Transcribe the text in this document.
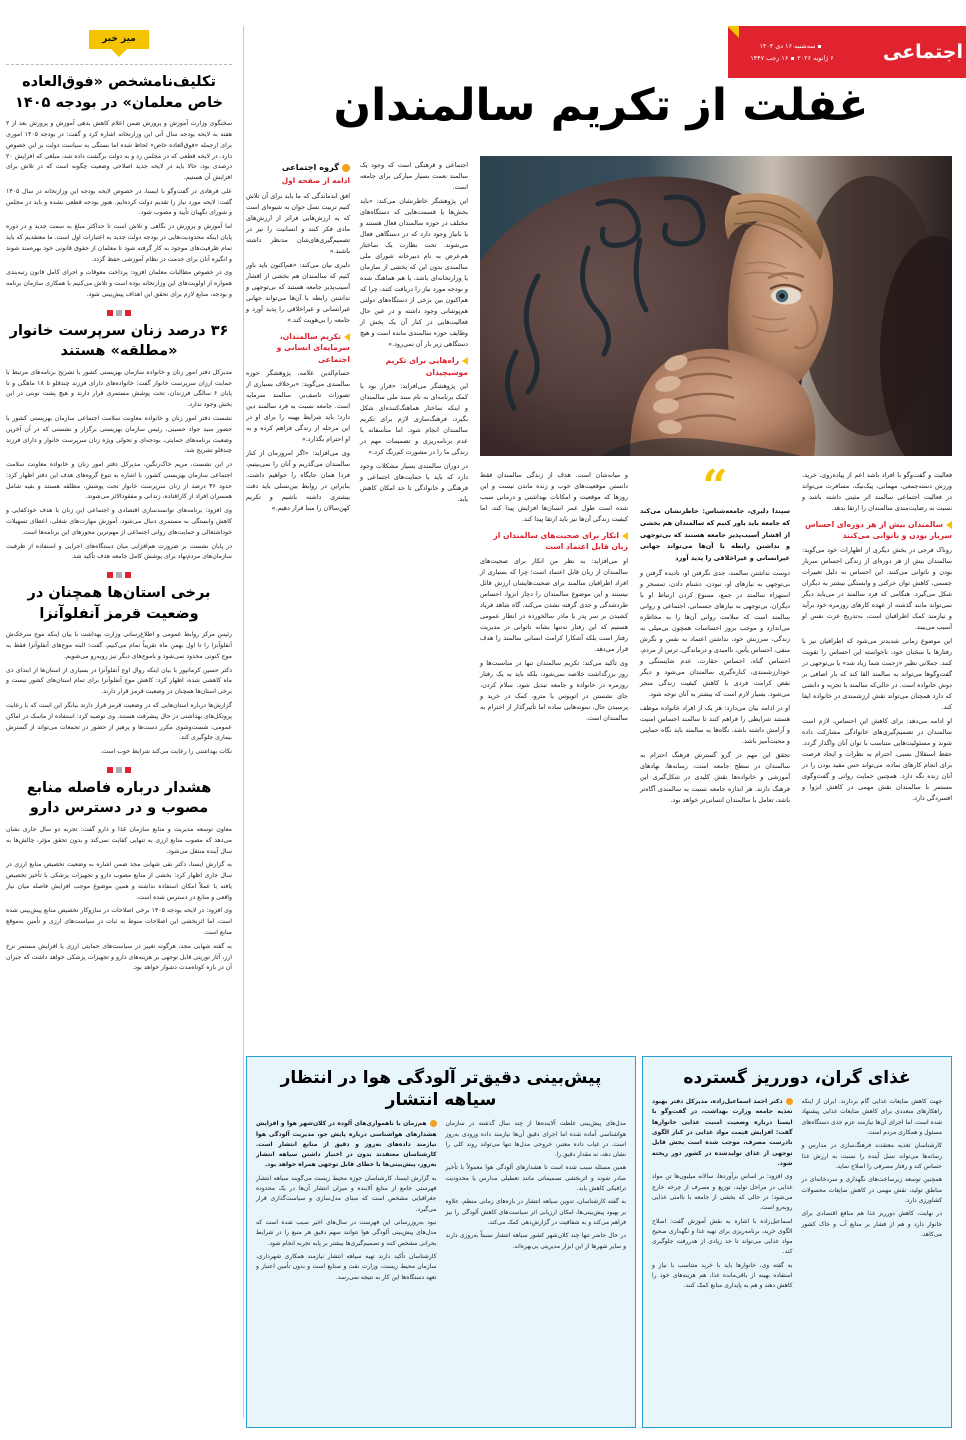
سه‌شنبه ۱۶ دی ۱۴۰۴
۶ ژانویه ۲۰۲۶۱۶ رجب ۱۴۴۷	اجتماعی
غفلت از تکریم سالمندان
گروه اجتماعی
ادامه از صفحه اول

افق ابدماندگی که ما باید برای آن تلاش کنیم تربیت نسل جوان به شیوه‌ای است که به ارزش‌هایی فراتر از ارزش‌های مادی فکر کنند و انسانیت را نیز در تصمیم‌گیری‌های‌شان مدنظر داشته باشند.»

دلبری بیان می‌کند: «هم‌اکنون باید باور کنیم که سالمندان هم بخشی از اقشار آسیب‌پذیر جامعه هستند که بی‌توجهی و نداشتن رابطه با آن‌ها می‌تواند جهانی غیرانسانی و غیراخلاقی را پدید آورد و جامعه را بی‌هویت کند.»

تکریم سالمندان، سرمایه‌ای انسانی و اجتماعی

حسام‌الدین علامه، پژوهشگر حوزه سالمندی می‌گوید: «برخلاف بسیاری از تصورات تاسف‌بر، سالمند سرمایه است. جامعه نسبت به فرد سالمند دین دارد؛ باید شرایط بهینه را برای او در این مرحله از زندگی فراهم کرده و به او احترام بگذارد.»

وی می‌افزاید: «اگر امروزمان از کنار سالمندان می‌گذریم و آنان را نمی‌بینیم، فردا همان جایگاه را خواهیم داشت. بنابراین در روابط بین‌نسلی باید دقت بیشتری داشته باشیم و تکریم کهن‌سالان را مبنا قرار دهیم.»

اجتماعی و فرهنگی است که وجود یک سالمند نعمت بسیار مبارکی برای جامعه است.

این پژوهشگر خاطرنشان می‌کند: «باید بخش‌ها یا قسمت‌هایی که دستگاه‌های مختلف در حوزه سالمندان فعال هستند و یا بانیاز وجود دارد که در دستگاهی فعال می‌شوند. تحت نظارت یک ساختار هم‌عرض به نام دبیرخانه شورای ملی سالمندی بدون این که بخشی از سازمان یا وزارتخانه‌ای باشد، با هم هماهنگ شده و بودجه مورد نیاز را دریافت کنند، چرا که هم‌اکنون بین برخی از دستگاه‌های دولتی هم‌پوشانی وجود داشته و در عین حال فعالیت‌هایی در کنار آن یک بخش از وظایف حوزه سالمندی مانده است و هیچ دستگاهی زیر بار آن نمی‌رود.»

راه‌هایی برای تکریم موسیچیدان

این پژوهشگر می‌افزاید: «قرار بود با کمک برنامه‌ای به نام سند ملی سالمندان و اینکه ساختار هماهنگ‌کننده‌ای شکل بگیرد، فرهنگ‌سازی لازم برای تکریم سالمندان انجام شود. اما متأسفانه با عدم برنامه‌ریزی و تصمیمات مهم در زندگی ما را در مشورت کم‌رنگ کرد.»

در دوران سالمندی بسیار مشکلات وجود دارد که باید با حمایت‌های اجتماعی و فرهنگی و خانوادگی تا حد امکان کاهش یابد.

و میانه‌شان است. هدف از زندگی سالمندان فقط دانستن موقعیت‌های خوب و زنده ماندن نیست و این روزها که موقعیت و امکانات بهداشتی و درمانی سبب شده است طول عمر انسان‌ها افزایش پیدا کند، اما کیفیت زندگی آن‌ها نیز باید ارتقا پیدا کند.

انکار برای صحبت‌های سالمندان از زبان قابل اعتماد است

او می‌افزاید: به نظر من انکار برای صحبت‌های سالمندان از زبان قابل اعتماد است؛ چرا که بسیاری از افراد اطرافیان سالمند برای صحبت‌هایشان ارزش قائل نیستند و این موضوع سالمندان را دچار انزوا، احساس طردشدگی و جدی گرفته نشدن می‌کند، گاه شاهد فریاد کشیدن بر سر پدر یا مادر سالخورده در انظار عمومی هستیم که این رفتار نه‌تنها نشانه ناتوانی در مدیریت رفتار است بلکه آشکارا کرامت انسانی سالمند را هدف قرار می‌دهد.

وی تأکید می‌کند: تکریم سالمندان تنها در مناسبت‌ها و روز بزرگداشت خلاصه نمی‌شود، بلکه باید به یک رفتار روزمره در خانواده و جامعه تبدیل شود. سلام کردن، جای نشستن در اتوبوس یا مترو، کمک در خرید و پرسیدن حال، نمونه‌هایی ساده اما تأثیرگذار از احترام به سالمندان است.

“
سپندا دلبری، جامعه‌شناس: خاطرنشان می‌کند که جامعه باید باور کنیم که سالمندان هم بخشی از اقشار آسیب‌پذیر جامعه هستند که بی‌توجهی و نداشتن رابطه با آن‌ها می‌تواند جهانی غیرانسانی و غیراخلاقی را پدید آورد

دوست نداشتن سالمند، جدی نگرفتن او، نادیده گرفتن و بی‌توجهی به نیازهای او، نبودن، دشنام دادن، تمسخر و استهزاء سالمند در جمع، ممنوع کردن ارتباط او با دیگران، بی‌توجهی به نیازهای جسمانی، اجتماعی و روانی سالمند است که سلامت روانی آن‌ها را به مخاطره می‌اندازد و موجب بروز احساسات همچون بی‌میلی به زندگی، سرزنش خود، نداشتن اعتماد به نفس و نگرش منفی، احساس یأس، ناامیدی و درماندگی، ترس از مردم، احساس گناه، احساس حقارت، عدم شایستگی و خودارزشمندی، کناره‌گیری سالمندان می‌شود و دیگر نقض کرامت فردی با کاهش کیفیت زندگی منجر می‌شود. بسیار لازم است که بیشتر به آنان توجه شود.

او در ادامه بیان می‌دارد: هر یک از افراد خانواده موظف هستند شرایطی را فراهم کنند تا سالمند احساس امنیت و آرامش داشته باشد، نگاه‌ها به سالمند باید نگاه حمایتی و محبت‌آمیز باشد.

تحقق این مهم در گرو گسترش فرهنگ احترام به سالمندان در سطح جامعه است، رسانه‌ها، نهادهای آموزشی و خانواده‌ها نقش کلیدی در شکل‌گیری این فرهنگ دارند. هر اندازه جامعه نسبت به سالمندی آگاه‌تر باشد، تعامل با سالمندان انسانی‌تر خواهد بود.

فعالیت و گفت‌وگو با افراد باشد اعم از پیاده‌روی، خرید، ورزش دسته‌جمعی، مهمانی، پیک‌نیک، مسافرت می‌تواند در فعالیت اجتماعی سالمند اثر مثبتی داشته باشد و نسبت به رضایت‌مندی سالمندان را ارتقا بدهد.

سالمندان بیش از هر دوره‌ای احساس سربار بودن و ناتوانی می‌کنند

روناک فرجی در بخش دیگری از اظهارات خود می‌گوید: سالمندان بیش از هر دوره‌ای از زندگی احساس سربار بودن و ناتوانی می‌کنند. این احساس به دلیل تغییرات جسمی، کاهش توان حرکتی و وابستگی بیشتر به دیگران شکل می‌گیرد. هنگامی که فرد سالمند در می‌یابد دیگر نمی‌تواند مانند گذشته از عهده کارهای روزمره خود برآید و نیازمند کمک اطرافیان است، به‌تدریج عزت نفس او آسیب می‌بیند.

این موضوع زمانی شدیدتر می‌شود که اطرافیان نیز با رفتارها یا سخنان خود، ناخواسته این احساس را تقویت کنند. جملاتی نظیر «زحمت شما زیاد شد» یا بی‌توجهی در گفت‌وگوها می‌تواند به سالمند القا کند که بار اضافی بر دوش خانواده است. در حالی‌که سالمند با تجربه و دانشی که دارد همچنان می‌تواند نقش ارزشمندی در خانواده ایفا کند.

او ادامه می‌دهد: برای کاهش این احساس، لازم است سالمندان در تصمیم‌گیری‌های خانوادگی مشارکت داده شوند و مسئولیت‌هایی متناسب با توان آنان واگذار گردد. حفظ استقلال نسبی، احترام به نظرات و ایجاد فرصت برای انجام کارهای ساده، می‌تواند حس مفید بودن را در آنان زنده نگه دارد. همچنین حمایت روانی و گفت‌وگوی مستمر با سالمندان نقش مهمی در کاهش انزوا و افسردگی دارد.

میز خبر
تکلیف‌نامشخص «فوق‌العاده خاص معلمان» در بودجه ۱۴۰۵

سخنگوی وزارت آموزش و پرورش ضمن اعلام کاهش بدهی آموزش و پرورش بعد از ۲ هفته به لایحه بودجه سال آتی این وزارتخانه اشاره کرد و گفت: در بودجه ۱۴۰۵ اموری برای ارجمله «فوق‌العاده خاص» لحاظ شده اما بستگی به سیاست دولت بر این خصوص دارد. در لایحه قطعی که در مجلس رد و به دولت برگشت داده شد، مبلغی که افزایش ۲۰ درصدی بود، حالا باید در لایحه جدید اصلاحی وضعیت چگونه است که در تلاش برای افزایش آن هستیم.

علی فرهادی در گفت‌وگو با ایسنا، در خصوص لایحه بودجه این وزارتخانه در سال ۱۴۰۵ گفت: لایحه مورد نیاز را تقدیم دولت کرده‌ایم. هنوز بودجه قطعی نشده و باید در مجلس و شورای نگهبان تأیید و مصوب شود.

اما آموزش و پرورش در نگاهی و تلاش است تا حداکثر مبلغ به سمت جدید و در دوره پایان اینکه محدودیت‌هایی در بودجه دولت جدید به اعتبارات اول است. ما معتقدیم که باید تمام ظرفیت‌های موجود به کار گرفته شود تا معلمان از حقوق قانونی خود بهره‌مند شوند و انگیزه آنان برای خدمت در نظام آموزشی حفظ گردد.

وی در خصوص مطالبات معلمان افزود: پرداخت معوقات و اجرای کامل قانون رتبه‌بندی همواره از اولویت‌های این وزارتخانه بوده است و تلاش می‌کنیم با همکاری سازمان برنامه و بودجه، منابع لازم برای تحقق این اهداف پیش‌بینی شود.

۳۶ درصد زنان سرپرست خانوار «مطلقه» هستند

مدیرکل دفتر امور زنان و خانواده سازمان بهزیستی کشور با تشریح برنامه‌های مرتبط با حمایت ارزان سرپرست خانوار گفت: خانواده‌های دارای فرزند چندقلو تا ۱۸ ماهگی و تا پایان ۶ سالگی فرزندان، تحت پوشش مستمری قرار دارند و هیچ پشت نوبتی در این بخش وجود ندارد.

نشست دفتر امور زنان و خانواده معاونت سلامت اجتماعی سازمان بهزیستی کشور با حضور سید جواد حسینی، رئیس سازمان بهزیستی برگزار و نشستی که در آن آخرین وضعیت برنامه‌های حمایتی، بودجه‌ای و تحولی ویژه زنان سرپرست خانوار و دارای فرزند چندقلو تشریح شد.

در این نشست، مریم خاک‌رنگین، مدیرکل دفتر امور زنان و خانواده معاونت سلامت اجتماعی سازمان بهزیستی کشور، با اشاره به تنوع گروه‌های هدف این دفتر اظهار کرد: حدود ۳۶ درصد از زنان سرپرست خانوار تحت پوشش، مطلقه هستند و بقیه شامل همسران افراد از کارافتاده، زندانی و مفقودالاثر می‌شوند.

وی افزود: برنامه‌های توانمندسازی اقتصادی و اجتماعی این زنان با هدف خودکفایی و کاهش وابستگی به مستمری دنبال می‌شود. آموزش مهارت‌های شغلی، اعطای تسهیلات خوداشتغالی و حمایت‌های روانی اجتماعی از مهم‌ترین محورهای این برنامه‌ها است.

در پایان نشست بر ضرورت هم‌افزایی میان دستگاه‌های اجرایی و استفاده از ظرفیت سازمان‌های مردم‌نهاد برای پوشش کامل جامعه هدف تأکید شد.

برخی استان‌ها همچنان در وضعیت قرمز آنفلوآنزا

رئیس مرکز روابط عمومی و اطلاع‌رسانی وزارت بهداشت با بیان اینکه موج سرخک‌ش آنفلوآنزا را تا اول بهمن ماه تقریباً تمام می‌کنیم، گفت: البته موج‌های آنفلوآنزا فقط به موج کنونی محدود نمی‌شود و باموج‌های دیگر نیز روبه‌رو می‌شویم.

دکتر حسین کرمانپور با بیان اینکه روال اوج آنفلوآنزا در بسیاری از استان‌ها از ابتدای دی ماه کاهشی شده، اظهار کرد: کاهش موج آنفلوآنزا برای تمام استان‌های کشور نیست و برخی استان‌ها همچنان در وضعیت قرمز قرار دارند.

گزارش‌ها درباره استان‌هایی که در وضعیت قرمز قرار دارند بیانگر این است که با رعایت پروتکل‌های بهداشتی در حال پیشرفت هستند. وی توصیه کرد: استفاده از ماسک در اماکن عمومی، شست‌وشوی مکرر دست‌ها و پرهیز از حضور در تجمعات می‌تواند از گسترش بیماری جلوگیری کند.

نکات بهداشتی را رعایت می‌کند شرایط خوب است.

هشدار درباره فاصله منابع مصوب و در دسترس دارو

معاون توسعه مدیریت و منابع سازمان غذا و دارو گفت: تجربه دو سال جاری نشان می‌دهد که مصوب منابع ارزی به تنهایی کفایت نمی‌کند و بدون تحقق مؤثر، چالش‌ها به سال آینده منتقل می‌شود.

به گزارش ایسنا، دکتر نقی شهابی مجد ضمن اشاره به وضعیت تخصیص منابع ارزی در سال جاری اظهار کرد: بخشی از منابع مصوب دارو و تجهیزات پزشکی با تأخیر تخصیص یافته با عملاً امکان استفاده نداشته و همین موضوع موجب افزایش فاصله میان نیاز واقعی و منابع در دسترس شده است.

وی افزود: در لایحه بودجه ۱۴۰۵ برخی اصلاحات در سازوکار تخصیص منابع پیش‌بینی شده است، اما اثربخشی این اصلاحات منوط به ثبات در سیاست‌های ارزی و تأمین به‌موقع منابع است.

به گفته شهابی مجد، هرگونه تغییر در سیاست‌های حمایتی ارزی یا افزایش مستمر نرخ ارز، آثار توریتی قابل توجهی بر هزینه‌های دارو و تجهیزات پزشکی خواهد داشت که جبران آن در بازه کوتاه‌مدت دشوار خواهد بود.

پیش‌بینی دقیق‌تر آلودگی هوا در انتظار سیاهه انتشار

هم‌زمان با ناهمواری‌های آلوده در کلان‌شهر هوا و افزایش هشدارهای هواشناسی درباره پایش جو، مدیریت آلودگی هوا نیازمند داده‌های به‌روز و دقیق از منابع انتشار است. کارشناسان معتقدند بدون در اختیار داشتن سیاهه انتشار به‌روز، پیش‌بینی‌ها با خطای قابل توجهی همراه خواهد بود.

به گزارش ایسنا، کارشناسان حوزه محیط زیست می‌گویند سیاهه انتشار فهرستی جامع از منابع آلاینده و میزان انتشار آن‌ها در یک محدوده جغرافیایی مشخص است که مبنای مدل‌سازی و سیاست‌گذاری قرار می‌گیرد.

نبود به‌روزرسانی این فهرست در سال‌های اخیر سبب شده است که مدل‌های پیش‌بینی آلودگی هوا نتوانند سهم دقیق هر منبع را در شرایط بحرانی مشخص کنند و تصمیم‌گیری‌ها بیشتر بر پایه تجربه انجام شود.

کارشناسان تأکید دارند تهیه سیاهه انتشار نیازمند همکاری شهرداری، سازمان محیط زیست، وزارت نفت و صنایع است و بدون تأمین اعتبار و تعهد دستگاه‌ها این کار به نتیجه نمی‌رسد.

مدل‌های پیش‌بینی غلظت آلاینده‌ها از چند سال گذشته در سازمان هواشناسی آماده شده اما اجرای دقیق آن‌ها نیازمند داده ورودی به‌روز است. در غیاب داده معتبر، خروجی مدل‌ها تنها می‌تواند روند کلی را نشان دهد، نه مقدار دقیق را.

همین مسئله سبب شده است تا هشدارهای آلودگی هوا معمولاً با تأخیر صادر شوند و اثربخشی تصمیماتی مانند تعطیلی مدارس یا محدودیت ترافیکی کاهش یابد.

به گفته کارشناسان، تدوین سیاهه انتشار در بازه‌های زمانی منظم، علاوه بر بهبود پیش‌بینی‌ها، امکان ارزیابی اثر سیاست‌های کاهش آلودگی را نیز فراهم می‌کند و به شفافیت در گزارش‌دهی کمک می‌کند.

در حال حاضر تنها چند کلان‌شهر کشور سیاهه انتشار نسبتاً به‌روزی دارند و سایر شهرها از این ابزار مدیریتی بی‌بهره‌اند.

غذای گران، دورریز گسترده

دکتر احمد اسماعیل‌زاده، مدیرکل دفتر بهبود تغذیه جامعه وزارت بهداشت، در گفت‌وگو با ایسنا درباره وضعیت امنیت غذایی خانوارها گفت: افزایش قیمت مواد غذایی در کنار الگوی نادرست مصرف، موجب شده است بخش قابل توجهی از غذای تولیدشده در کشور دور ریخته شود.

وی افزود: بر اساس برآوردها، سالانه میلیون‌ها تن مواد غذایی در مراحل تولید، توزیع و مصرف از چرخه خارج می‌شود؛ در حالی که بخشی از جامعه با ناامنی غذایی روبه‌رو است.

اسماعیل‌زاده با اشاره به نقش آموزش گفت: اصلاح الگوی خرید، برنامه‌ریزی برای تهیه غذا و نگهداری صحیح مواد غذایی می‌تواند تا حد زیادی از هدررفت جلوگیری کند.

به گفته وی، خانوارها باید با خرید متناسب با نیاز و استفاده بهینه از باقی‌مانده غذا، هم هزینه‌های خود را کاهش دهند و هم به پایداری منابع کمک کنند.

جهت کاهش ضایعات غذایی گام بردارند. ایران از اینکه راهکارهای متعددی برای کاهش ضایعات غذایی پیشنهاد شده است، اما اجرای آن‌ها نیازمند عزم جدی دستگاه‌های مسئول و همکاری مردم است.

کارشناسان تغذیه معتقدند فرهنگ‌سازی در مدارس و رسانه‌ها می‌تواند نسل آینده را نسبت به ارزش غذا حساس کند و رفتار مصرفی را اصلاح نماید.

همچنین توسعه زیرساخت‌های نگهداری و سردخانه‌ای در مناطق تولید، نقش مهمی در کاهش ضایعات محصولات کشاورزی دارد.

در نهایت، کاهش دورریز غذا هم منافع اقتصادی برای خانوار دارد و هم از فشار بر منابع آب و خاک کشور می‌کاهد.
